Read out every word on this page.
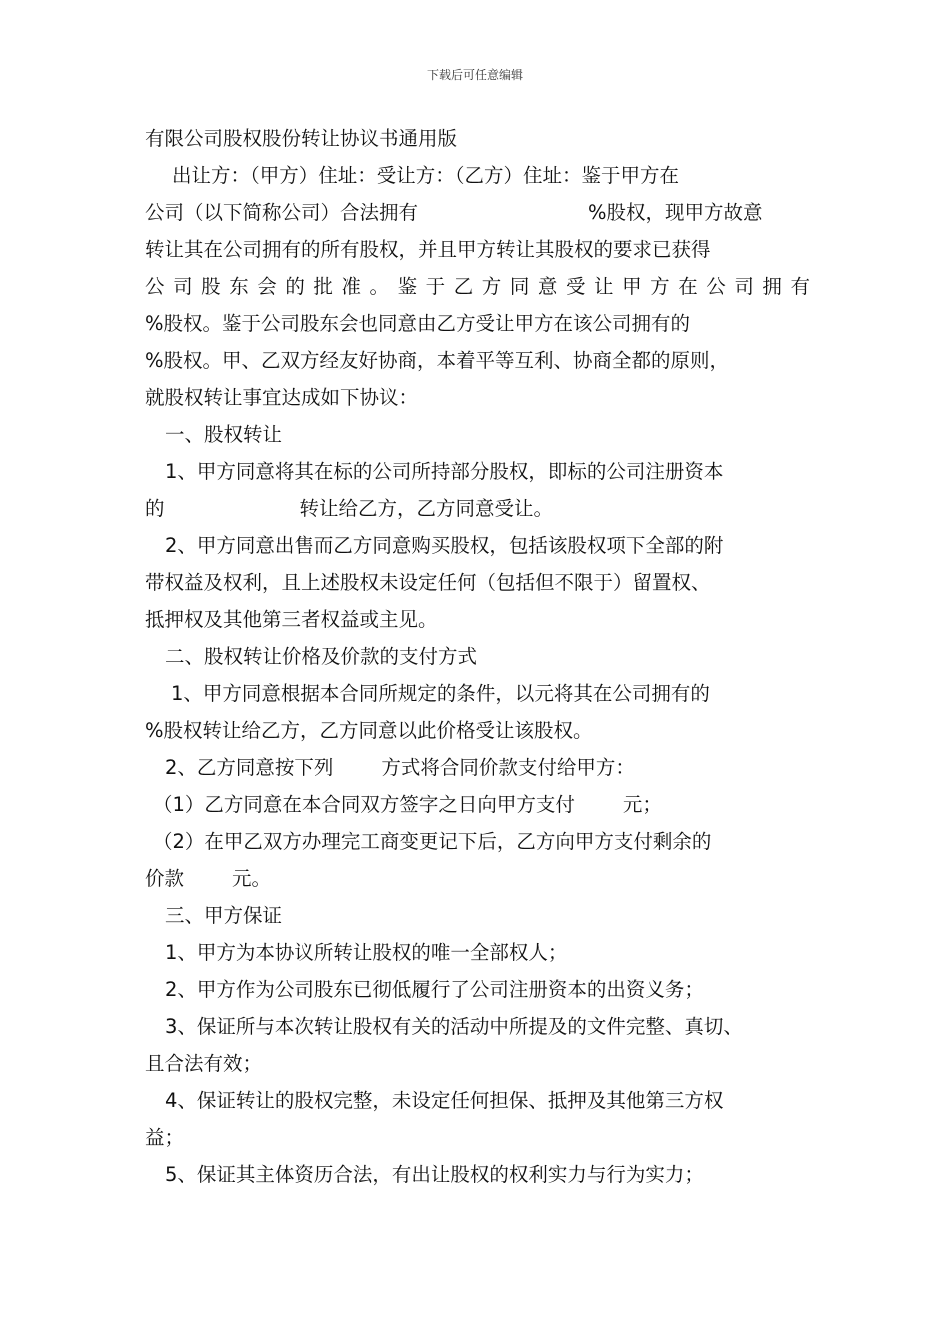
下载后可任意编辑
有限公司股权股份转让协议书通用版
出让方：（甲方）住址：受让方：（乙方）住址：鉴于甲方在
公司（以下简称公司）合法拥有	%股权，现甲方故意
转让其在公司拥有的所有股权，并且甲方转让其股权的要求已获得
公司股东会的批准。鉴于乙方同意受让甲方在公司拥有
%股权。鉴于公司股东会也同意由乙方受让甲方在该公司拥有的
%股权。甲、乙双方经友好协商，本着平等互利、协商全都的原则，
就股权转让事宜达成如下协议：
一、股权转让
1、甲方同意将其在标的公司所持部分股权，即标的公司注册资本
的	转让给乙方，乙方同意受让。
2、甲方同意出售而乙方同意购买股权，包括该股权项下全部的附
带权益及权利，且上述股权未设定任何（包括但不限于）留置权、
抵押权及其他第三者权益或主见。
二、股权转让价格及价款的支付方式
1、甲方同意根据本合同所规定的条件，以元将其在公司拥有的
%股权转让给乙方，乙方同意以此价格受让该股权。
2、乙方同意按下列 方式将合同价款支付给甲方：
（1）乙方同意在本合同双方签字之日向甲方支付 元；
（2）在甲乙双方办理完工商变更记下后，乙方向甲方支付剩余的
价款 元。
三、甲方保证
1、甲方为本协议所转让股权的唯一全部权人；
2、甲方作为公司股东已彻低履行了公司注册资本的出资义务；
3、保证所与本次转让股权有关的活动中所提及的文件完整、真切、
且合法有效；
4、保证转让的股权完整，未设定任何担保、抵押及其他第三方权
益；
5、保证其主体资历合法，有出让股权的权利实力与行为实力；
